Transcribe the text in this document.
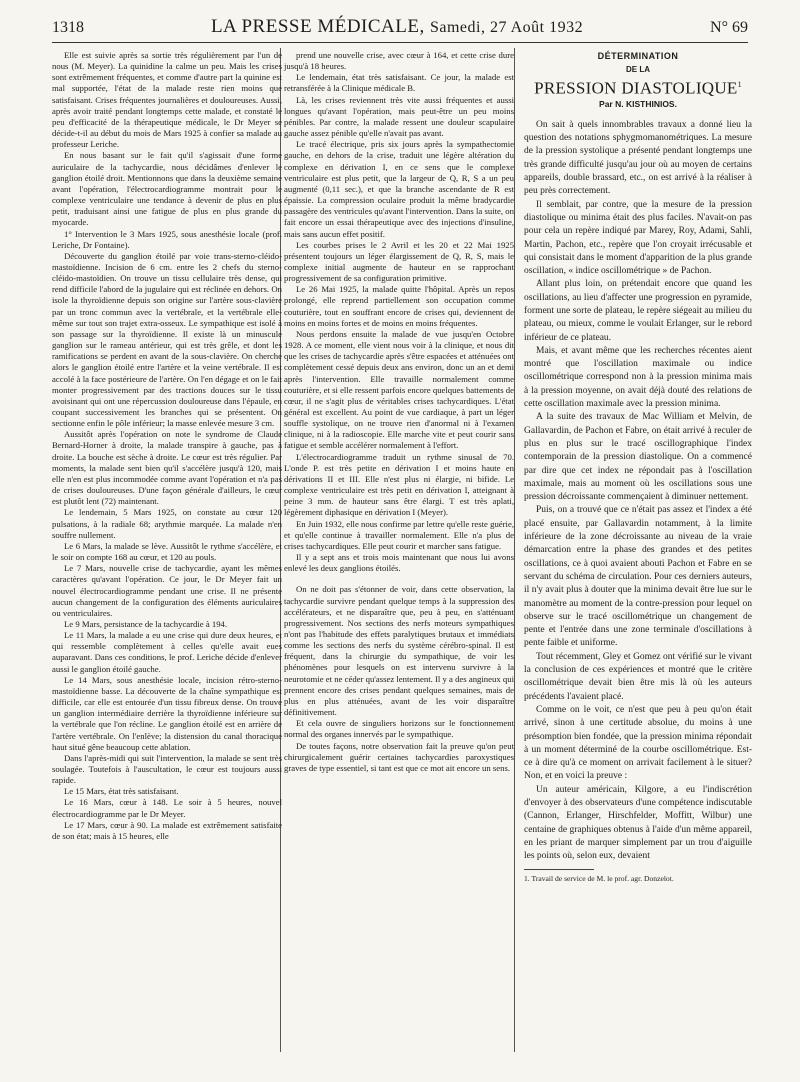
1318	LA PRESSE MÉDICALE, Samedi, 27 Août 1932	N° 69

Elle est suivie après sa sortie très régulièrement par l'un de nous (M. Meyer). La quinidine la calme un peu. Mais les crises sont extrêmement fréquentes, et comme d'autre part la quinine est mal supportée, l'état de la malade reste rien moins que satisfaisant. Crises fréquentes journalières et douloureuses. Aussi, après avoir traité pendant longtemps cette malade, et constaté le peu d'efficacité de la thérapeutique médicale, le Dr Meyer se décide-t-il au début du mois de Mars 1925 à confier sa malade au professeur Leriche.

En nous basant sur le fait qu'il s'agissait d'une forme auriculaire de la tachycardie, nous décidâmes d'enlever le ganglion étoilé droit. Mentionnons que dans la deuxième semaine avant l'opération, l'électrocardiogramme montrait pour le complexe ventriculaire une tendance à devenir de plus en plus petit, traduisant ainsi une fatigue de plus en plus grande du myocarde.

1° Intervention le 3 Mars 1925, sous anesthésie locale (prof. Leriche, Dr Fontaine).

Découverte du ganglion étoilé par voie trans-sterno-cléido-mastoïdienne. Incision de 6 cm. entre les 2 chefs du sterno-cléido-mastoïdien. On trouve un tissu cellulaire très dense, qui rend difficile l'abord de la jugulaire qui est réclinée en dehors. On isole la thyroïdienne depuis son origine sur l'artère sous-clavière par un tronc commun avec la vertébrale, et la vertébrale elle-même sur tout son trajet extra-osseux. Le sympathique est isolé à son passage sur la thyroïdienne. Il existe là un minuscule ganglion sur le rameau antérieur, qui est très grêle, et dont les ramifications se perdent en avant de la sous-clavière. On cherche alors le ganglion étoilé entre l'artère et la veine vertébrale. Il est accolé à la face postérieure de l'artère. On l'en dégage et on le fait monter progressivement par des tractions douces sur le tissu avoisinant qui ont une répercussion douloureuse dans l'épaule, en coupant successivement les branches qui se présentent. On sectionne enfin le pôle inférieur; la masse enlevée mesure 3 cm.

Aussitôt après l'opération on note le syndrome de Claude Bernard-Horner à droite, la malade transpire à gauche, pas à droite. La bouche est sèche à droite. Le cœur est très régulier. Par moments, la malade sent bien qu'il s'accélère jusqu'à 120, mais elle n'en est plus incommodée comme avant l'opération et n'a pas de crises douloureuses. D'une façon générale d'ailleurs, le cœur est plutôt lent (72) maintenant.

Le lendemain, 5 Mars 1925, on constate au cœur 120 pulsations, à la radiale 68; arythmie marquée. La malade n'en souffre nullement.

Le 6 Mars, la malade se lève. Aussitôt le rythme s'accélère, et le soir on compte 168 au cœur, et 120 au pouls.

Le 7 Mars, nouvelle crise de tachycardie, ayant les mêmes caractères qu'avant l'opération. Ce jour, le Dr Meyer fait un nouvel électrocardiogramme pendant une crise. Il ne présente aucun changement de la configuration des éléments auriculaires ou ventriculaires.

Le 9 Mars, persistance de la tachycardie à 194.

Le 11 Mars, la malade a eu une crise qui dure deux heures, et qui ressemble complètement à celles qu'elle avait eues auparavant. Dans ces conditions, le prof. Leriche décide d'enlever aussi le ganglion étoilé gauche.

Le 14 Mars, sous anesthésie locale, incision rétro-sterno-mastoïdienne basse. La découverte de la chaîne sympathique est difficile, car elle est entourée d'un tissu fibreux dense. On trouve un ganglion intermédiaire derrière la thyroïdienne inférieure sur la vertébrale que l'on récline. Le ganglion étoilé est en arrière de l'artère vertébrale. On l'enlève; la distension du canal thoracique haut situé gêne beaucoup cette ablation.

Dans l'après-midi qui suit l'intervention, la malade se sent très soulagée. Toutefois à l'auscultation, le cœur est toujours aussi rapide.

Le 15 Mars, état très satisfaisant.

Le 16 Mars, cœur à 148. Le soir à 5 heures, nouvel électrocardiogramme par le Dr Meyer.

Le 17 Mars, cœur à 90. La malade est extrêmement satisfaite de son état; mais à 15 heures, elle

prend une nouvelle crise, avec cœur à 164, et cette crise dure jusqu'à 18 heures.

Le lendemain, état très satisfaisant. Ce jour, la malade est retransférée à la Clinique médicale B.

Là, les crises reviennent très vite aussi fréquentes et aussi longues qu'avant l'opération, mais peut-être un peu moins pénibles. Par contre, la malade ressent une douleur scapulaire gauche assez pénible qu'elle n'avait pas avant.

Le tracé électrique, pris six jours après la sympathectomie gauche, en dehors de la crise, traduit une légère altération du complexe en dérivation I, en ce sens que le complexe ventriculaire est plus petit, que la largeur de Q, R, S a un peu augmenté (0,11 sec.), et que la branche ascendante de R est épaissie. La compression oculaire produit la même bradycardie passagère des ventricules qu'avant l'intervention. Dans la suite, on fait encore un essai thérapeutique avec des injections d'insuline, mais sans aucun effet positif.

Les courbes prises le 2 Avril et les 20 et 22 Mai 1925 présentent toujours un léger élargissement de Q, R, S, mais le complexe initial augmente de hauteur en se rapprochant progressivement de sa configuration primitive.

Le 26 Mai 1925, la malade quitte l'hôpital. Après un repos prolongé, elle reprend partiellement son occupation comme couturière, tout en souffrant encore de crises qui, deviennent de moins en moins fortes et de moins en moins fréquentes.

Nous perdons ensuite la malade de vue jusqu'en Octobre 1928. A ce moment, elle vient nous voir à la clinique, et nous dit que les crises de tachycardie après s'être espacées et atténuées ont complètement cessé depuis deux ans environ, donc un an et demi après l'intervention. Elle travaille normalement comme couturière, et si elle ressent parfois encore quelques battements de cœur, il ne s'agit plus de véritables crises tachycardiques. L'état général est excellent. Au point de vue cardiaque, à part un léger souffle systolique, on ne trouve rien d'anormal ni à l'examen clinique, ni à la radioscopie. Elle marche vite et peut courir sans fatigue et semble accélérer normalement à l'effort.

L'électrocardiogramme traduit un rythme sinusal de 70. L'onde P. est très petite en dérivation I et moins haute en dérivations II et III. Elle n'est plus ni élargie, ni bifide. Le complexe ventriculaire est très petit en dérivation I, atteignant à peine 3 mm. de hauteur sans être élargi. T est très aplati, légèrement diphasique en dérivation I (Meyer).

En Juin 1932, elle nous confirme par lettre qu'elle reste guérie, et qu'elle continue à travailler normalement. Elle n'a plus de crises tachycardiques. Elle peut courir et marcher sans fatigue.

Il y a sept ans et trois mois maintenant que nous lui avons enlevé les deux ganglions étoilés.

On ne doit pas s'étonner de voir, dans cette observation, la tachycardie survivre pendant quelque temps à la suppression des accélérateurs, et ne disparaître que, peu à peu, en s'atténuant progressivement. Nos sections des nerfs moteurs sympathiques n'ont pas l'habitude des effets paralytiques brutaux et immédiats comme les sections des nerfs du système cérébro-spinal. Il est fréquent, dans la chirurgie du sympathique, de voir les phénomènes pour lesquels on est intervenu survivre à la neurotomie et ne céder qu'assez lentement. Il y a des angineux qui prennent encore des crises pendant quelques semaines, mais de plus en plus atténuées, avant de les voir disparaître définitivement.

Et cela ouvre de singuliers horizons sur le fonctionnement normal des organes innervés par le sympathique.

De toutes façons, notre observation fait la preuve qu'on peut chirurgicalement guérir certaines tachycardies paroxystiques graves de type essentiel, si tant est que ce mot ait encore un sens.

DÉTERMINATION
DE LA
PRESSION DIASTOLIQUE$^1$
Par N. KISTHINIOS.

On sait à quels innombrables travaux a donné lieu la question des notations sphygmomanométriques. La mesure de la pression systolique a présenté pendant longtemps une très grande difficulté jusqu'au jour où au moyen de certains appareils, double brassard, etc., on est arrivé à la réaliser à peu près correctement.

Il semblait, par contre, que la mesure de la pression diastolique ou minima était des plus faciles. N'avait-on pas pour cela un repère indiqué par Marey, Roy, Adami, Sahli, Martin, Pachon, etc., repère que l'on croyait irrécusable et qui consistait dans le moment d'apparition de la plus grande oscillation, « indice oscillométrique » de Pachon.

Allant plus loin, on prétendait encore que quand les oscillations, au lieu d'affecter une progression en pyramide, forment une sorte de plateau, le repère siégeait au milieu du plateau, ou mieux, comme le voulait Erlanger, sur le rebord inférieur de ce plateau.

Mais, et avant même que les recherches récentes aient montré que l'oscillation maximale ou indice oscillométrique correspond non à la pression minima mais à la pression moyenne, on avait déjà douté des relations de cette oscillation maximale avec la pression minima.

A la suite des travaux de Mac William et Melvin, de Gallavardin, de Pachon et Fabre, on était arrivé à reculer de plus en plus sur le tracé oscillographique l'index contemporain de la pression diastolique. On a commencé par dire que cet index ne répondait pas à l'oscillation maximale, mais au moment où les oscillations sous une pression décroissante commençaient à diminuer nettement.

Puis, on a trouvé que ce n'était pas assez et l'index a été placé ensuite, par Gallavardin notamment, à la limite inférieure de la zone décroissante au niveau de la vraie démarcation entre la phase des grandes et des petites oscillations, ce à quoi avaient abouti Pachon et Fabre en se servant du schéma de circulation. Pour ces derniers auteurs, il n'y avait plus à douter que la minima devait être lue sur le manomètre au moment de la contre-pression pour lequel on observe sur le tracé oscillométrique un changement de pente et l'entrée dans une zone terminale d'oscillations à pente faible et uniforme.

Tout récemment, Gley et Gomez ont vérifié sur le vivant la conclusion de ces expériences et montré que le critère oscillométrique devait bien être mis là où les auteurs précédents l'avaient placé.

Comme on le voit, ce n'est que peu à peu qu'on était arrivé, sinon à une certitude absolue, du moins à une présomption bien fondée, que la pression minima répondait à un moment déterminé de la courbe oscillométrique. Est-ce à dire qu'à ce moment on arrivait facilement à le situer? Non, et en voici la preuve :

Un auteur américain, Kilgore, a eu l'indiscrétion d'envoyer à des observateurs d'une compétence indiscutable (Cannon, Erlanger, Hirschfelder, Moffitt, Wilbur) une centaine de graphiques obtenus à l'aide d'un même appareil, en les priant de marquer simplement par un trou d'aiguille les points où, selon eux, devaient

1. Travail de service de M. le prof. agr. Donzelot.
